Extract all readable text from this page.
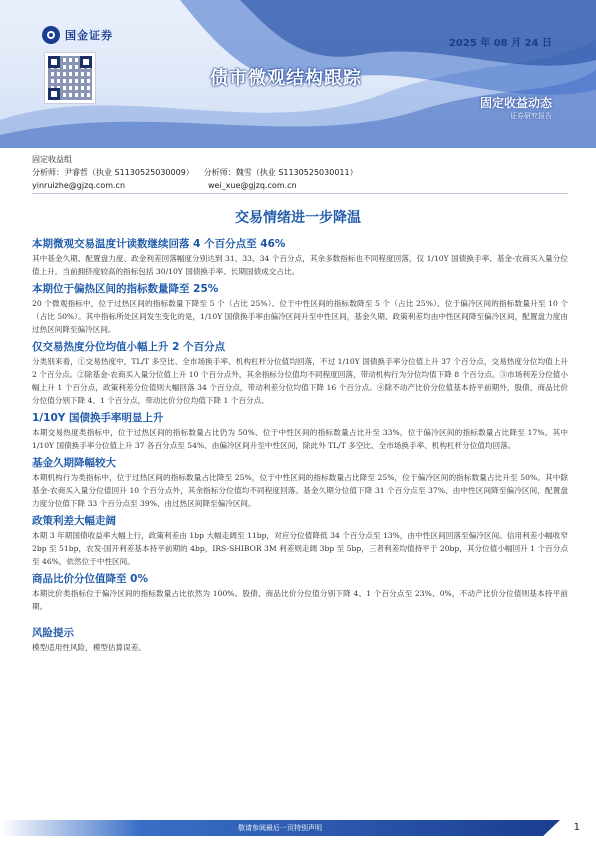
国金证券
2025 年 08 月 24 日
债市微观结构跟踪
固定收益动态
证券研究报告
固定收益组
分析师：尹睿哲（执业 S1130525030009） 分析师：魏雪（执业 S1130525030011）
yinruizhe@gjzq.com.cn	wei_xue@gjzq.com.cn
交易情绪进一步降温
本期微观交易温度计读数继续回落 4 个百分点至 46%
其中基金久期、配置盘力度、政金利差回落幅度分别达到 31、33、34 个百分点，其余多数指标也不同程度回落，仅 1/10Y 国债换手率、基金-农商买入量分位值上升。当前拥挤度较高的指标包括 30/10Y 国债换手率、长期国债成交占比。
本期位于偏热区间的指标数量降至 25%
20 个微观指标中，位于过热区间的指标数量下降至 5 个（占比 25%）、位于中性区间的指标数降至 5 个（占比 25%）、位于偏冷区间的指标数量升至 10 个（占比 50%）。其中指标所处区间发生变化的是，1/10Y 国债换手率由偏冷区间升至中性区间，基金久期、政策利差均由中性区间降至偏冷区间，配置盘力度由过热区间降至偏冷区间。
仅交易热度分位均值小幅上升 2 个百分点
分类别来看，①交易热度中，TL/T 多空比、全市场换手率、机构杠杆分位值均回落，不过 1/10Y 国债换手率分位值上升 37 个百分点，交易热度分位均值上升 2 个百分点。②除基金-农商买入量分位值上升 10 个百分点外，其余指标分位值均不同程度回落，带动机构行为分位均值下降 8 个百分点。③市场利差分位值小幅上升 1 个百分点，政策利差分位值则大幅回落 34 个百分点，带动利差分位均值下降 16 个百分点。④除不动产比价分位值基本持平前期外，股债、商品比价分位值分别下降 4、1 个百分点，带动比价分位均值下降 1 个百分点。
1/10Y 国债换手率明显上升
本期交易热度类指标中，位于过热区间的指标数量占比仍为 50%、位于中性区间的指标数量占比升至 33%，位于偏冷区间的指标数量占比降至 17%。其中 1/10Y 国债换手率分位值上升 37 各百分点至 54%、由偏冷区间升至中性区间，除此外 TL/T 多空比、全市场换手率、机构杠杆分位值均回落。
基金久期降幅较大
本期机构行为类指标中，位于过热区间的指标数量占比降至 25%，位于中性区间的指标数量占比降至 25%，位于偏冷区间的指标数量占比升至 50%。其中除基金-农商买入量分位值回升 10 个百分点外，其余指标分位值均不同程度回落。基金久期分位值下降 31 个百分点至 37%、由中性区间降至偏冷区间，配置盘力度分位值下降 33 个百分点至 39%、由过热区间降至偏冷区间。
政策利差大幅走阔
本期 3 年期国债收益率大幅上行，政策利差由 1bp 大幅走阔至 11bp，对应分位值降低 34 个百分点至 13%，由中性区间回落至偏冷区间。信用利差小幅收窄 2bp 至 51bp，农发-国开利差基本持平前期的 4bp，IRS-SHIBOR 3M 利差则走阔 3bp 至 5bp，三者利差均值持平于 20bp，其分位值小幅回升 1 个百分点至 46%，依然位于中性区间。
商品比价分位值降至 0%
本期比价类指标位于偏冷区间的指标数量占比依然为 100%。股债、商品比价分位值分别下降 4、1 个百分点至 23%、0%，不动产比价分位值则基本持平前期。
风险提示
模型适用性风险，模型估算误差。
敬请参阅最后一页特别声明	1
